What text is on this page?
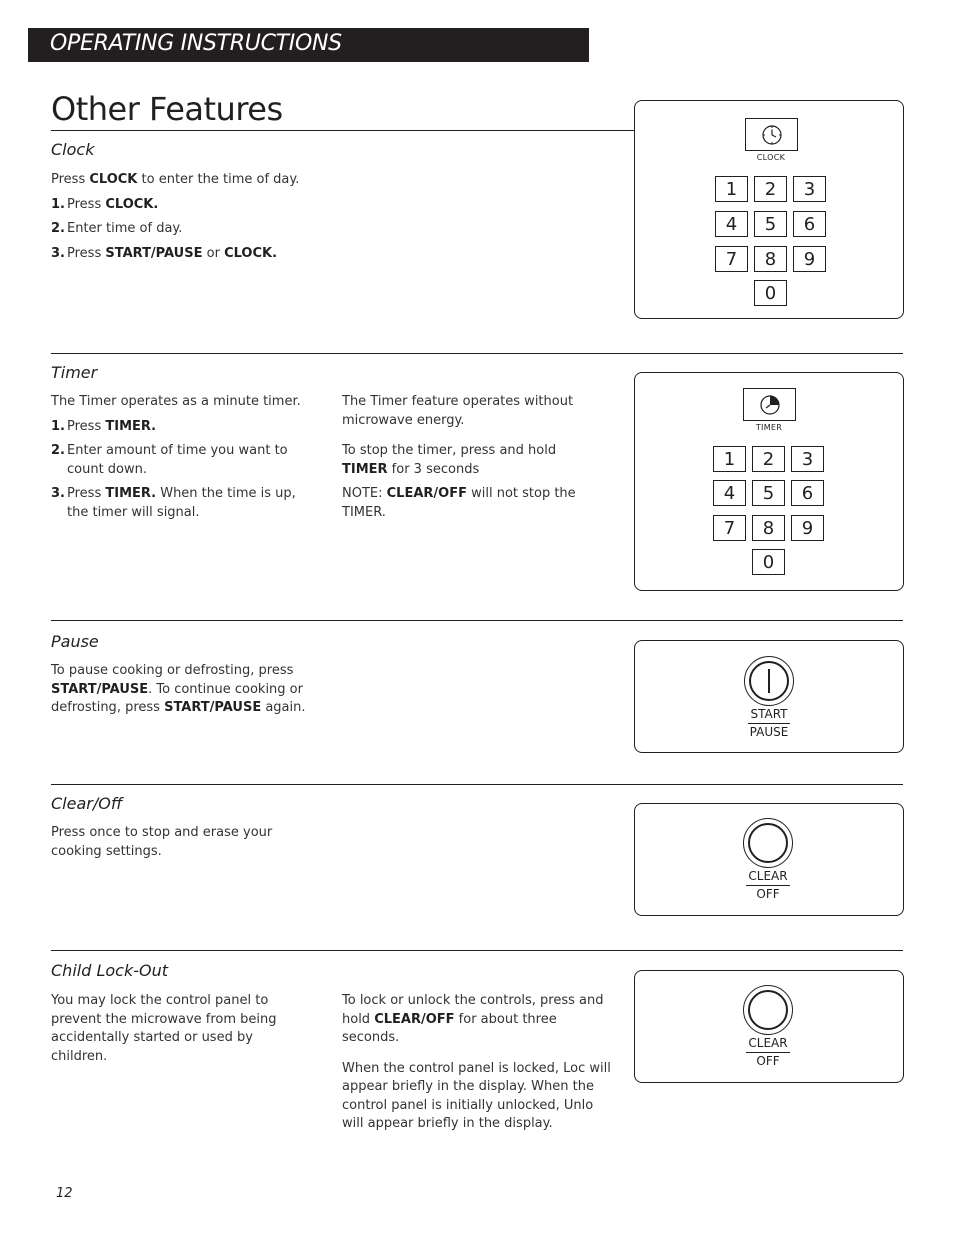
OPERATING INSTRUCTIONS
Other Features
Clock

Press CLOCK to enter the time of day.

1. Press CLOCK.
2. Enter time of day.
3. Press START/PAUSE or CLOCK.
CLOCK
1	2	3
4	5	6
7	8	9
0
Timer

The Timer operates as a minute timer.

1. Press TIMER.
2. Enter amount of time you want to count down.
3. Press TIMER. When the time is up, the timer will signal.

The Timer feature operates without microwave energy.

To stop the timer, press and hold TIMER for 3 seconds

NOTE: CLEAR/OFF will not stop the TIMER.

TIMER
1	2	3
4	5	6
7	8	9
0
Pause

To pause cooking or defrosting, press START/PAUSE. To continue cooking or defrosting, press START/PAUSE again.	START
PAUSE
Clear/Off

Press once to stop and erase your cooking settings.

CLEAR
OFF
Child Lock-Out

You may lock the control panel to prevent the microwave from being accidentally started or used by children.

To lock or unlock the controls, press and hold CLEAR/OFF for about three seconds.

When the control panel is locked, Loc will appear briefly in the display. When the control panel is initially unlocked, Unlo will appear briefly in the display.

CLEAR
OFF
12
